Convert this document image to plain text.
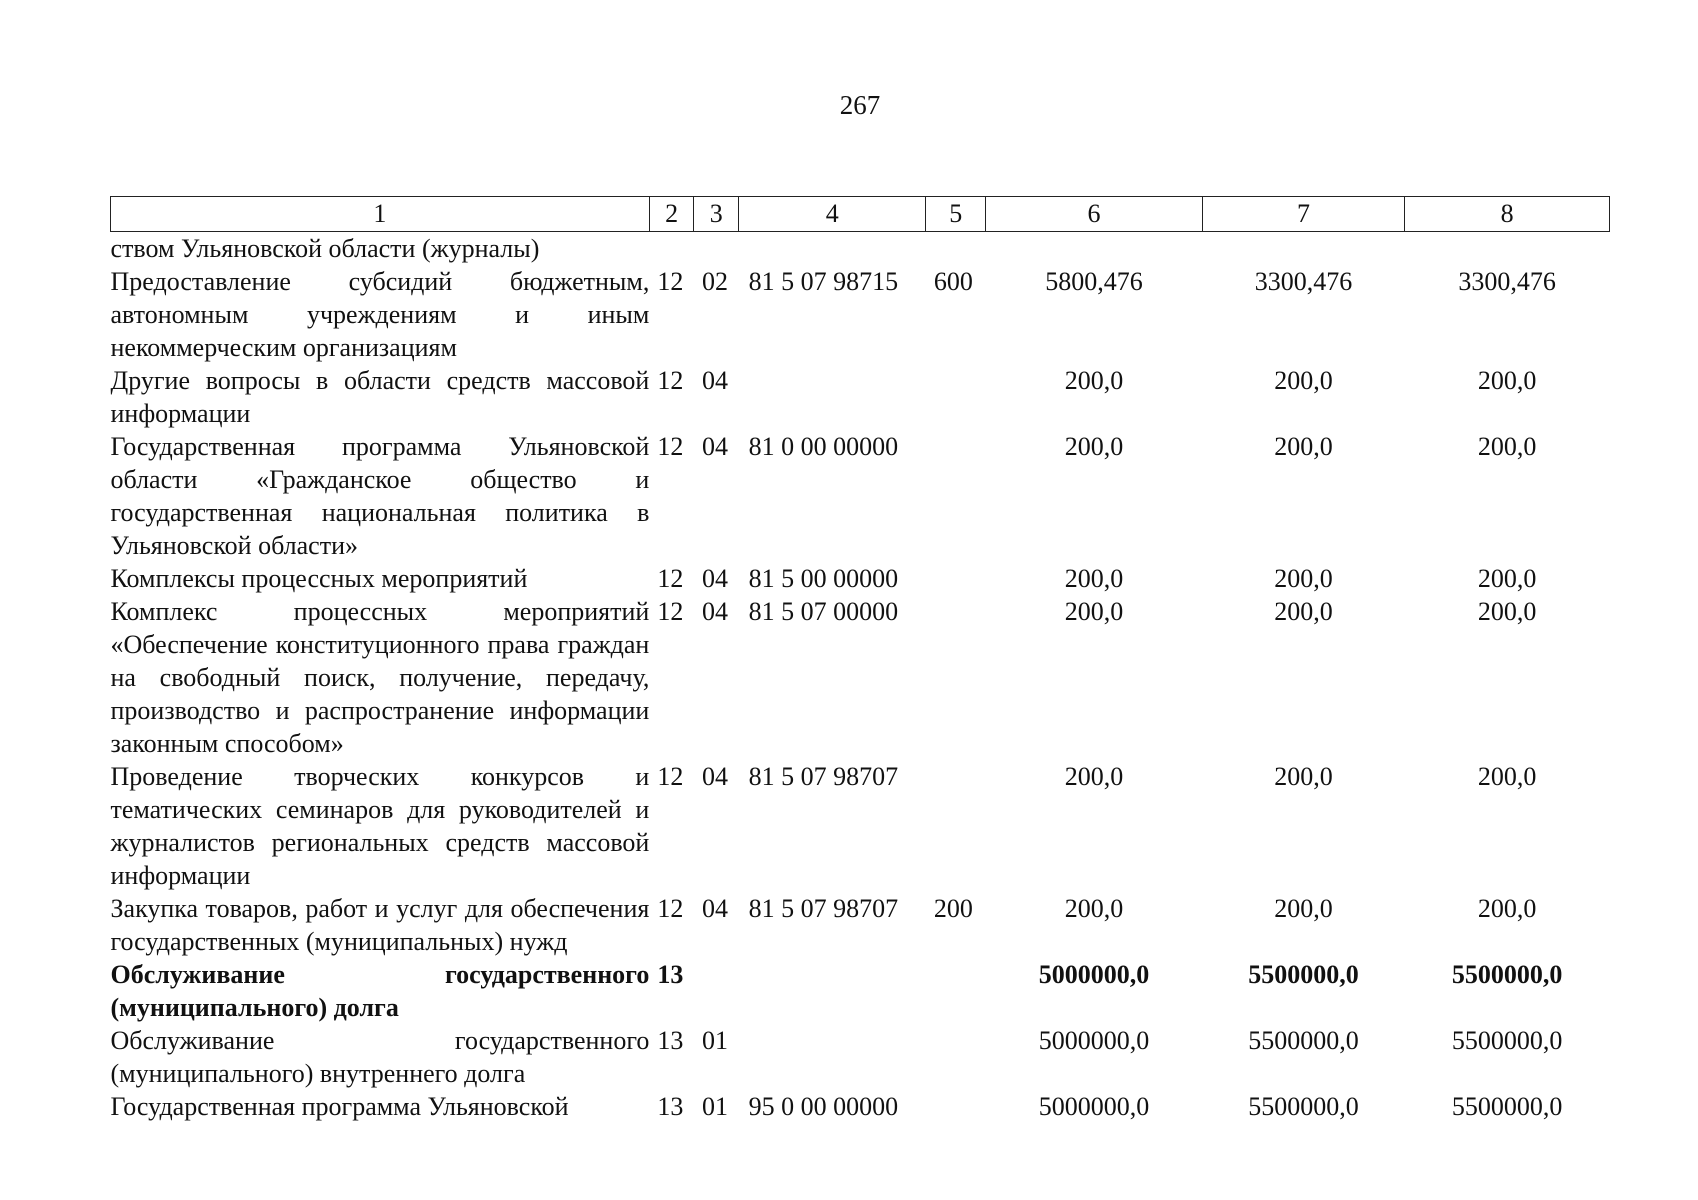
267
1	2	3	4	5	6	7	8
ством Ульяновской области (журналы)							
Предоставление субсидий бюджетным, автономным учреждениям и иным некоммерческим организациям	12	02	81 5 07 98715	600	5800,476	3300,476	3300,476
Другие вопросы в области средств массовой информации	12	04			200,0	200,0	200,0
Государственная программа Ульяновской области «Гражданское общество и государственная национальная политика в Ульяновской области»	12	04	81 0 00 00000		200,0	200,0	200,0
Комплексы процессных мероприятий	12	04	81 5 00 00000		200,0	200,0	200,0
Комплекс процессных мероприятий «Обеспечение конституционного права граждан на свободный поиск, получение, передачу, производство и распространение информации законным способом»	12	04	81 5 07 00000		200,0	200,0	200,0
Проведение творческих конкурсов и тематических семинаров для руководителей и журналистов региональных средств массовой информации	12	04	81 5 07 98707		200,0	200,0	200,0
Закупка товаров, работ и услуг для обеспечения государственных (муниципальных) нужд	12	04	81 5 07 98707	200	200,0	200,0	200,0
Обслуживание государственного (муниципального) долга	13				5000000,0	5500000,0	5500000,0
Обслуживание государственного (муниципального) внутреннего долга	13	01			5000000,0	5500000,0	5500000,0
Государственная программа Ульяновской	13	01	95 0 00 00000		5000000,0	5500000,0	5500000,0
